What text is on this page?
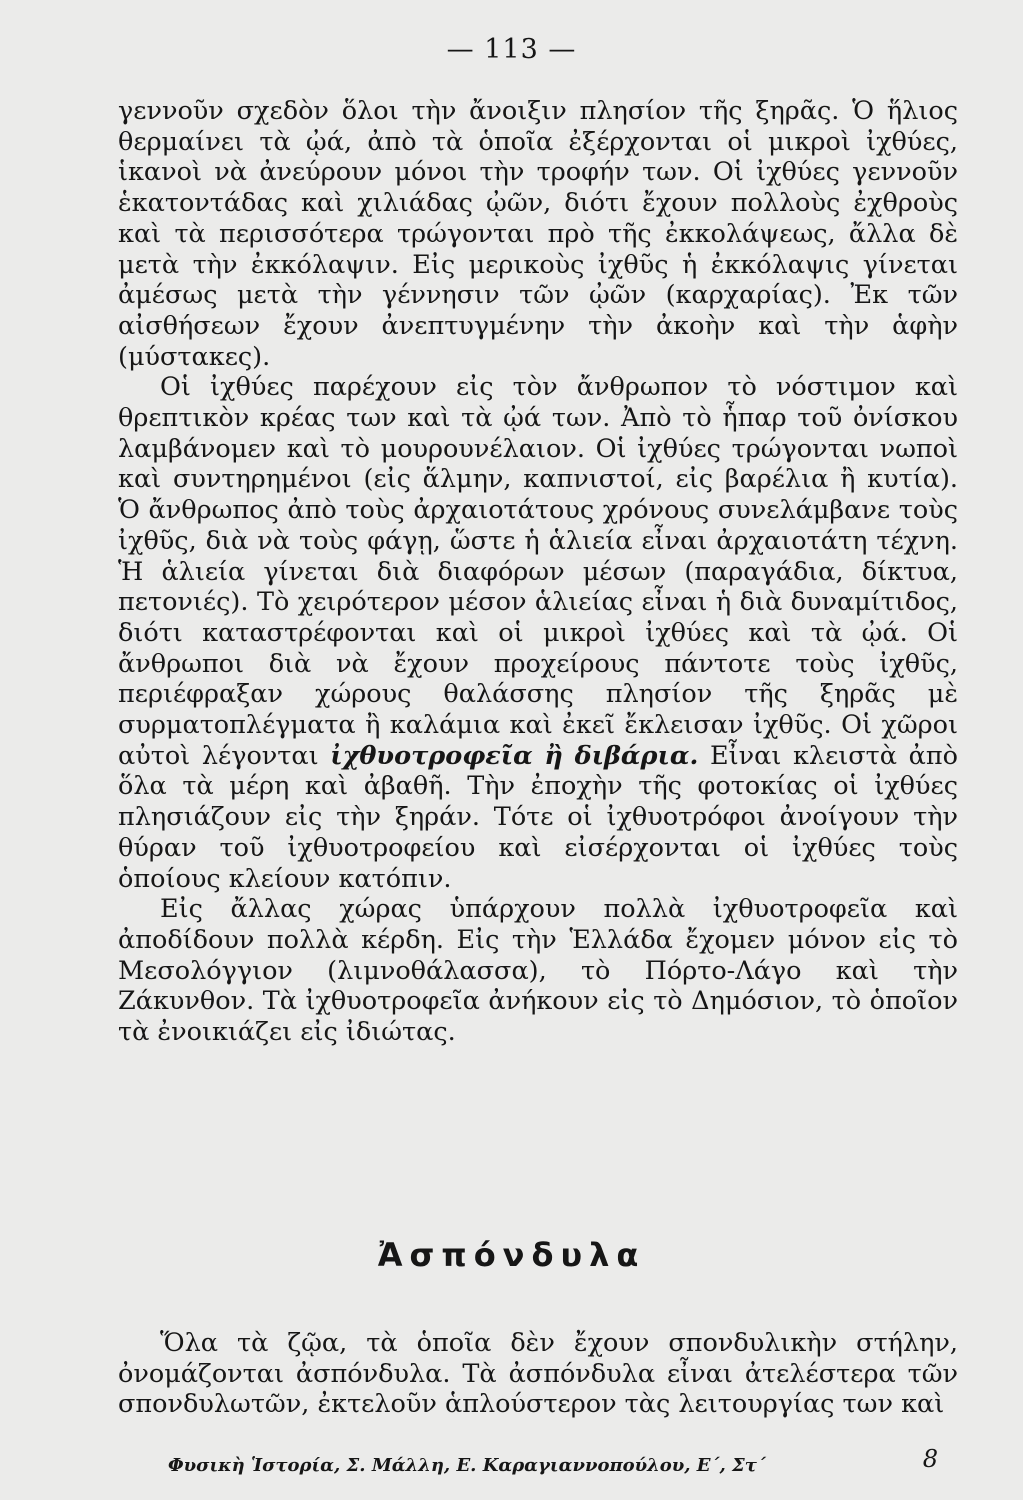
— 113 —

γεννοῦν σχεδὸν ὅλοι τὴν ἄνοιξιν πλησίον τῆς ξηρᾶς. Ὁ ἥλιος θερμαίνει τὰ ᾠά, ἀπὸ τὰ ὁποῖα ἐξέρχονται οἱ μικροὶ ἰχθύες, ἱκανοὶ νὰ ἀνεύρουν μόνοι τὴν τροφήν των. Οἱ ἰχθύες γεννοῦν ἑκατοντάδας καὶ χιλιάδας ᾠῶν, διότι ἔχουν πολλοὺς ἐχθροὺς καὶ τὰ περισσότερα τρώγονται πρὸ τῆς ἐκκολάψεως, ἄλλα δὲ μετὰ τὴν ἐκκόλαψιν. Εἰς μερικοὺς ἰχθῦς ἡ ἐκκόλαψις γίνεται ἀμέσως μετὰ τὴν γέννησιν τῶν ᾠῶν (καρχαρίας). Ἐκ τῶν αἰσθήσεων ἔχουν ἀνεπτυγμένην τὴν ἀκοὴν καὶ τὴν ἁφὴν (μύστακες).

Οἱ ἰχθύες παρέχουν εἰς τὸν ἄνθρωπον τὸ νόστιμον καὶ θρεπτικὸν κρέας των καὶ τὰ ᾠά των. Ἀπὸ τὸ ἧπαρ τοῦ ὀνίσκου λαμβάνομεν καὶ τὸ μουρουνέλαιον. Οἱ ἰχθύες τρώγονται νωποὶ καὶ συντηρημένοι (εἰς ἅλμην, καπνιστοί, εἰς βαρέλια ἢ κυτία). Ὁ ἄνθρωπος ἀπὸ τοὺς ἀρχαιοτάτους χρόνους συνελάμβανε τοὺς ἰχθῦς, διὰ νὰ τοὺς φάγῃ, ὥστε ἡ ἁλιεία εἶναι ἀρχαιοτάτη τέχνη. Ἡ ἁλιεία γίνεται διὰ διαφόρων μέσων (παραγάδια, δίκτυα, πετονιές). Τὸ χειρότερον μέσον ἁλιείας εἶναι ἡ διὰ δυναμίτιδος, διότι καταστρέφονται καὶ οἱ μικροὶ ἰχθύες καὶ τὰ ᾠά. Οἱ ἄνθρωποι διὰ νὰ ἔχουν προχείρους πάντοτε τοὺς ἰχθῦς, περιέφραξαν χώρους θαλάσσης πλησίον τῆς ξηρᾶς μὲ συρματοπλέγματα ἢ καλάμια καὶ ἐκεῖ ἔκλεισαν ἰχθῦς. Οἱ χῶροι αὐτοὶ λέγονται ἰχθυοτροφεῖα ἢ διβάρια. Εἶναι κλειστὰ ἀπὸ ὅλα τὰ μέρη καὶ ἀβαθῆ. Τὴν ἐποχὴν τῆς φοτοκίας οἱ ἰχθύες πλησιάζουν εἰς τὴν ξηράν. Τότε οἱ ἰχθυοτρόφοι ἀνοίγουν τὴν θύραν τοῦ ἰχθυοτροφείου καὶ εἰσέρχονται οἱ ἰχθύες τοὺς ὁποίους κλείουν κατόπιν.

Εἰς ἄλλας χώρας ὑπάρχουν πολλὰ ἰχθυοτροφεῖα καὶ ἀποδίδουν πολλὰ κέρδη. Εἰς τὴν Ἑλλάδα ἔχομεν μόνον εἰς τὸ Μεσολόγγιον (λιμνοθάλασσα), τὸ Πόρτο-Λάγο καὶ τὴν Ζάκυνθον. Τὰ ἰχθυοτροφεῖα ἀνήκουν εἰς τὸ Δημόσιον, τὸ ὁποῖον τὰ ἐνοικιάζει εἰς ἰδιώτας.

Ἀσπόνδυλα

Ὅλα τὰ ζῷα, τὰ ὁποῖα δὲν ἔχουν σπονδυλικὴν στήλην, ὀνομάζονται ἀσπόνδυλα. Τὰ ἀσπόνδυλα εἶναι ἀτελέστερα τῶν σπονδυλωτῶν, ἐκτελοῦν ἁπλούστερον τὰς λειτουργίας των καὶ

Φυσικὴ Ἱστορία, Σ. Μάλλη, Ε. Καραγιαννοπούλου, Ε΄, Στ΄	8
